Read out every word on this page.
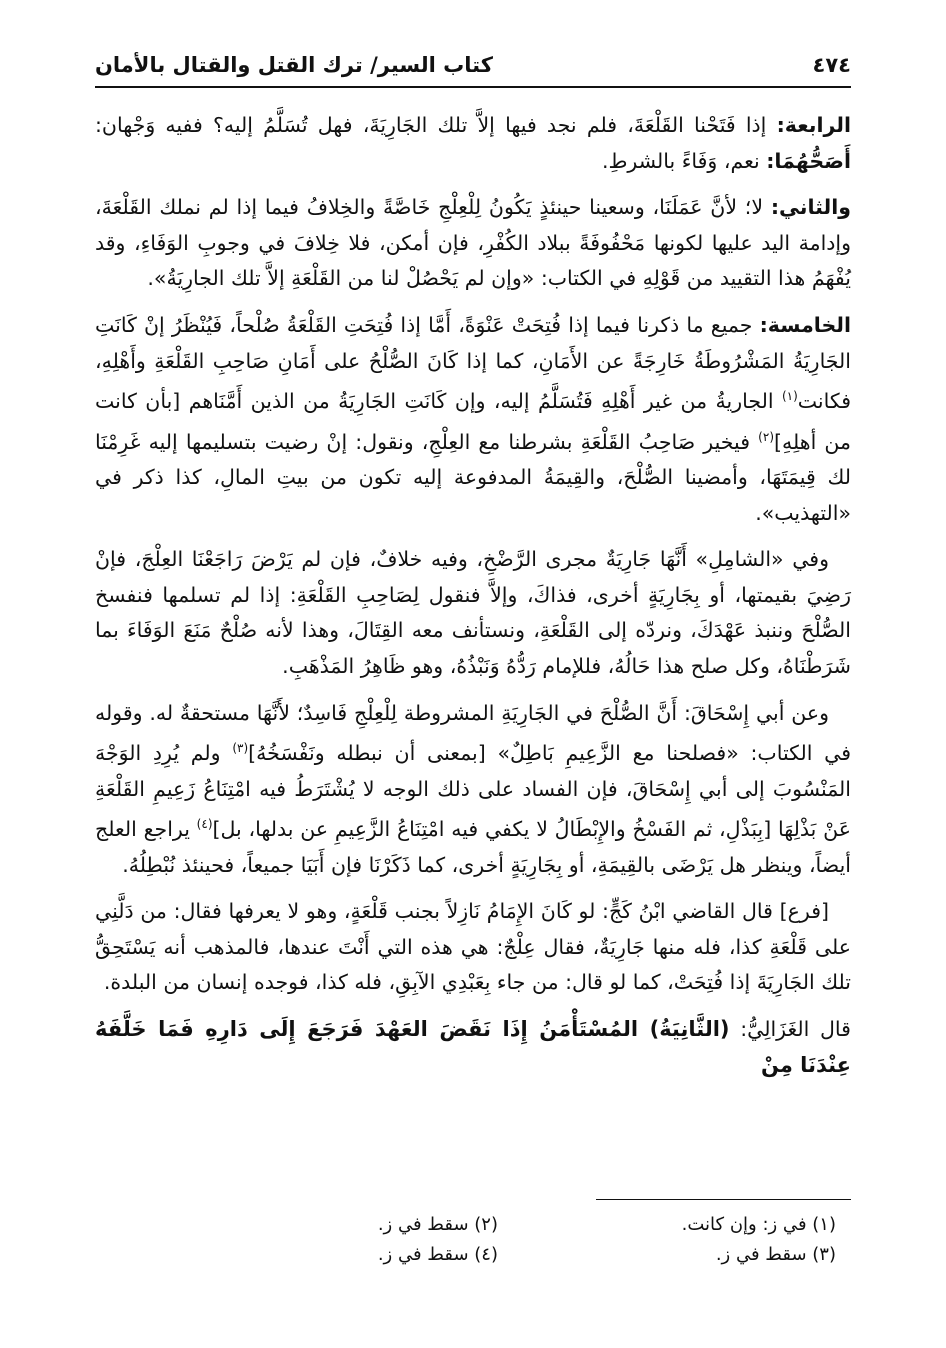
٤٧٤
كتاب السير/ ترك القتل والقتال بالأمان

الرابعة: إذا فَتَحْنا القَلْعَةَ، فلم نجد فيها إلاَّ تلك الجَارِيَةَ، فهل تُسَلَّمُ إليه؟ ففيه وَجْهان: أَصَحُّهُمَا: نعم، وَفَاءً بالشرطِ.

والثاني: لا؛ لأنَّ عَمَلَنَا، وسعينا حينئذٍ يَكُونُ لِلْعِلْجِ خَاصَّةً والخِلافُ فيما إذا لم نملك القَلْعَةَ، وإدامة اليد عليها لكونها مَحْفُوفَةً ببلاد الكُفْرِ، فإن أمكن، فلا خِلافَ في وجوبِ الوَفَاءِ، وقد يُفْهَمُ هذا التقييد من قَوْلِهِ في الكتاب: «وإن لم يَحْصُلْ لنا من القَلْعَةِ إلاَّ تلك الجارِيَةُ».

الخامسة: جميع ما ذكرنا فيما إذا فُتِحَتْ عَنْوَةً، أَمَّا إذا فُتِحَتِ القَلْعَةُ صُلْحاً، فَيُنْظَرُ إنْ كَانَتِ الجَارِيَةُ المَشْرُوطَةُ خَارِجَةً عن الأَمَانِ، كما إذا كَانَ الصُّلْحُ على أَمَانِ صَاحِبِ القَلْعَةِ وأَهْلِهِ، فكانت$^{(١)}$ الجاريةُ من غير أَهْلِهِ فَتُسَلَّمُ إليه، وإن كَانَتِ الجَارِيَةُ من الذين أَمَّنَاهم [بأن كانت من أهلِهِ]$^{(٢)}$ فيخير صَاحِبُ القَلْعَةِ بشرطنا مع العِلْجِ، ونقول: إنْ رضيت بتسليمها إليه غَرِمْنَا لك قِيمَتَهَا، وأمضينا الصُّلْحَ، والقِيمَةُ المدفوعة إليه تكون من بيتِ المالِ، كذا ذكر في «التهذيب».

وفي «الشامِلِ» أَنَّهَا جَارِيَةٌ مجرى الرَّضْخِ، وفيه خلافٌ، فإن لم يَرْضَ رَاجَعْنَا العِلْجَ، فإنْ رَضِيَ بقيمتها، أو بِجَارِيَةٍ أخرى، فذاكَ، وإلاَّ فنقول لِصَاحِبِ القَلْعَةِ: إذا لم تسلمها فنفسخ الصُّلْحَ وننبذ عَهْدَكَ، ونردّه إلى القَلْعَةِ، ونستأنف معه القِتَالَ، وهذا لأنه صُلْحٌ مَنَعَ الوَفَاءَ بما شَرَطْنَاهُ، وكل صلح هذا حَالُهُ، فللإمام رَدُّهُ وَنَبْذُهُ، وهو ظَاهِرُ المَذْهَبِ.

وعن أبي إِسْحَاقَ: أَنَّ الصُّلْحَ في الجَارِيَةِ المشروطة لِلْعِلْجِ فَاسِدٌ؛ لأَنَّهَا مستحقةٌ له. وقوله في الكتاب: «فصلحنا مع الزَّعِيمِ بَاطِلٌ» [بمعنى أن نبطله ونَفْسَخُهُ]$^{(٣)}$ ولم يُرِدِ الوَجْهَ المَنْسُوبَ إلى أبي إِسْحَاقَ، فإن الفساد على ذلك الوجه لا يُشْتَرَطُ فيه امْتِنَاعُ زَعِيمِ القَلْعَةِ عَنْ بَذْلِهَا [بِبَذْلِ، ثم الفَسْخُ والإِبْطَالُ لا يكفي فيه امْتِنَاعُ الزَّعِيمِ عن بدلها، بل]$^{(٤)}$ يراجع العلج أيضاً، وينظر هل يَرْضَى بالقِيمَةِ، أو بِجَارِيَةٍ أخرى، كما ذَكَرْنَا فإن أَبَيَا جميعاً، فحينئذ نُبْطِلُهُ.

[فرع] قال القاضي ابْنُ كَجٍّ: لو كَانَ الإِمَامُ نَازِلاً بجنب قَلْعَةٍ، وهو لا يعرفها فقال: من دَلَّنِي على قَلْعَةِ كذا، فله منها جَارِيَةٌ، فقال عِلْجٌ: هي هذه التي أَنْتَ عندها، فالمذهب أنه يَسْتَحِقُّ تلك الجَارِيَةَ إذا فُتِحَتْ، كما لو قال: من جاء بِعَبْدِي الآبِقِ، فله كذا، فوجده إنسان من البلدة.

قال الغَزَالِيُّ: (الثَّانِيَةُ) المُسْتَأْمَنُ إِذَا نَقَضَ العَهْدَ فَرَجَعَ إِلَى دَارِهِ فَمَا خَلَّفَهُ عِنْدَنَا مِنْ

(١) في ز: وإن كانت.
(٢) سقط في ز.
(٣) سقط في ز.
(٤) سقط في ز.
